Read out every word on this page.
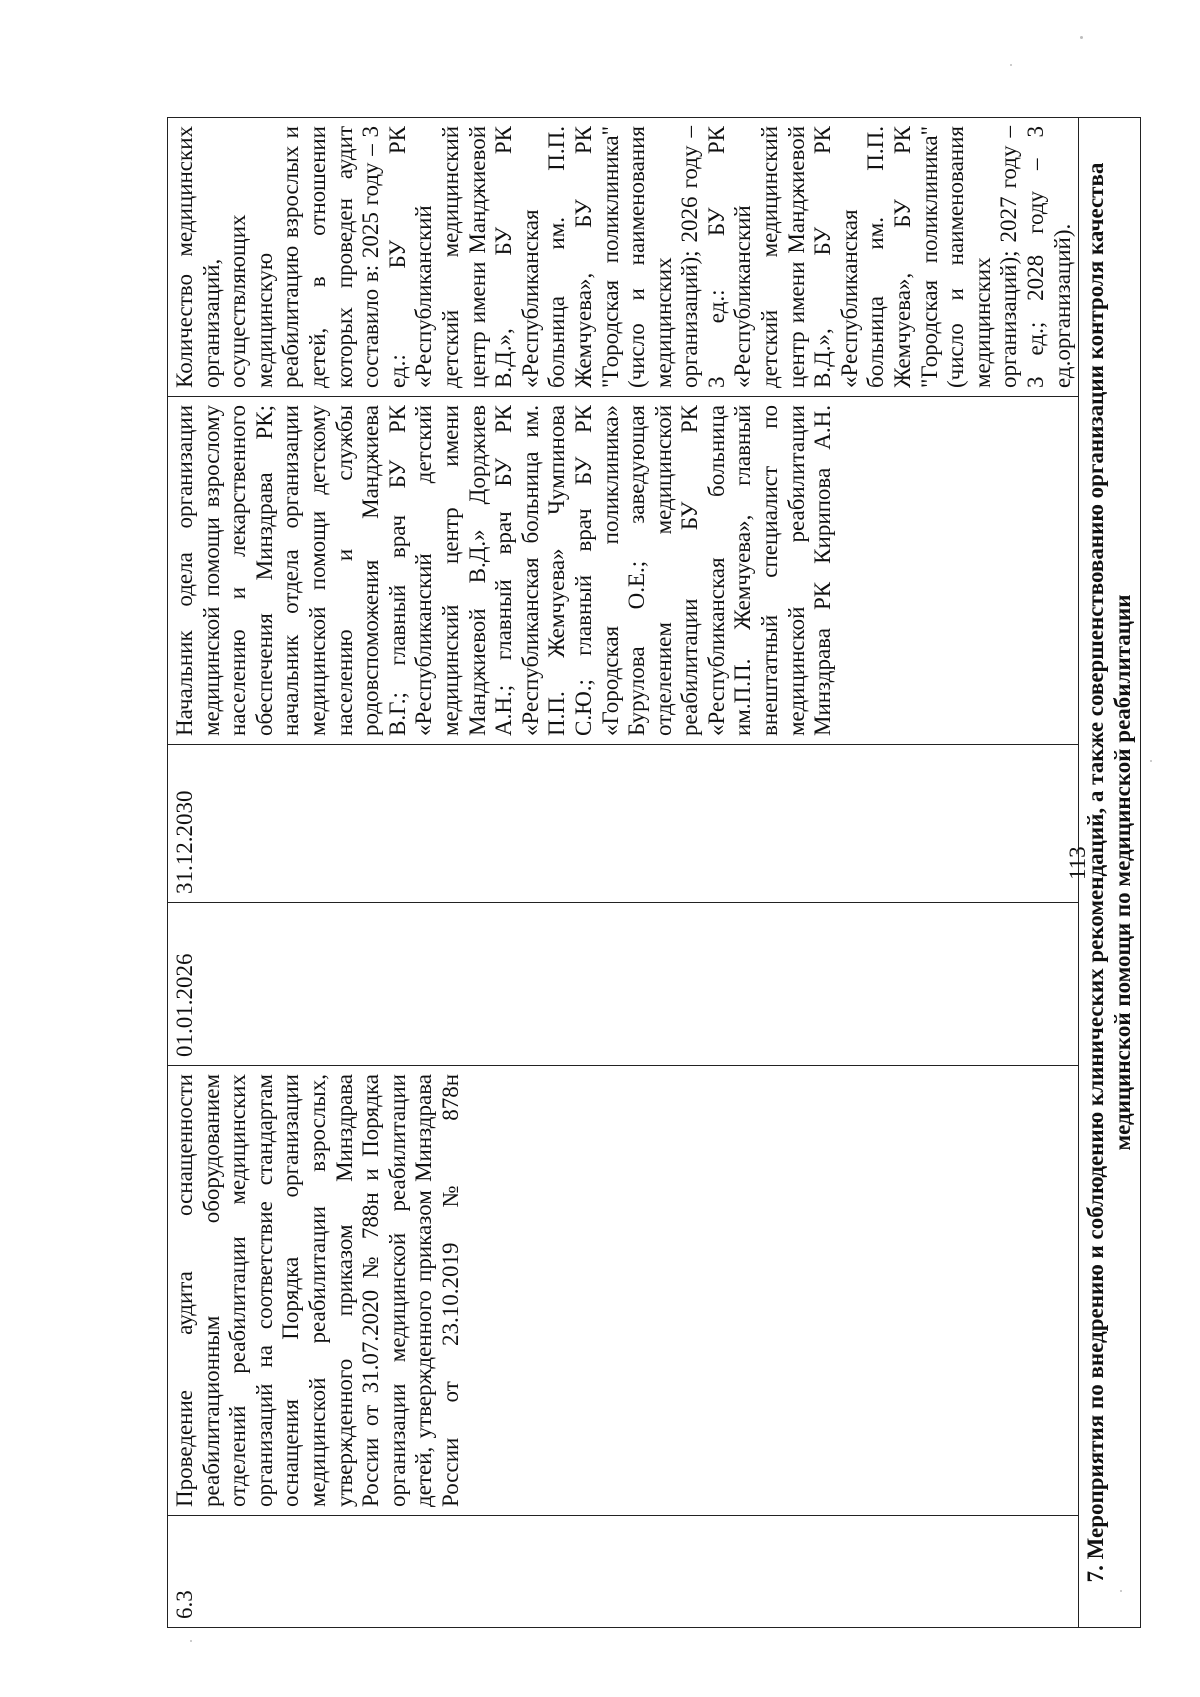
6.3	Проведение аудита оснащенности реабилитационным оборудованием отделений реабилитации медицинских организаций на соответствие стандартам оснащения Порядка организации медицинской реабилитации взрослых, утвержденного приказом Минздрава России от 31.07.2020 № 788н и Порядка организации медицинской реабилитации детей, утвержденного приказом Минздрава России от 23.10.2019 № 878н	01.01.2026	31.12.2030	Начальник одела организации медицинской помощи взрослому населению и лекарственного обеспечения Минздрава РК; начальник отдела организации медицинской помощи детскому населению и службы родовспоможения Манджиева В.Г.; главный врач БУ РК «Республиканский детский медицинский центр имени Манджиевой В.Д.» Дорджиев А.Н.; главный врач БУ РК «Республиканская больница им. П.П. Жемчуева» Чумпинова С.Ю.; главный врач БУ РК «Городская поликлиника» Бурулова О.Е.; заведующая отделением медицинской реабилитации БУ РК «Республиканская больница им.П.П. Жемчуева», главный внештатный специалист по медицинской реабилитации Минздрава РК Кирипова А.Н.	Количество медицинских организаций, осуществляющих медицинскую реабилитацию взрослых и детей, в отношении которых проведен аудит составило в: 2025 году – 3 ед.: БУ РК «Республиканский детский медицинский центр имени Манджиевой В.Д.», БУ РК «Республиканская больница им. П.П. Жемчуева», БУ РК "Городская поликлиника" (число и наименования медицинских организаций); 2026 году – 3 ед.: БУ РК «Республиканский детский медицинский центр имени Манджиевой В.Д.», БУ РК «Республиканская больница им. П.П. Жемчуева», БУ РК "Городская поликлиника" (число и наименования медицинских организаций); 2027 году – 3 ед.; 2028 году – 3 ед.организаций).
7. Мероприятия по внедрению и соблюдению клинических рекомендаций, а также совершенствованию организации контроля качества медицинской помощи по медицинской реабилитации
113
